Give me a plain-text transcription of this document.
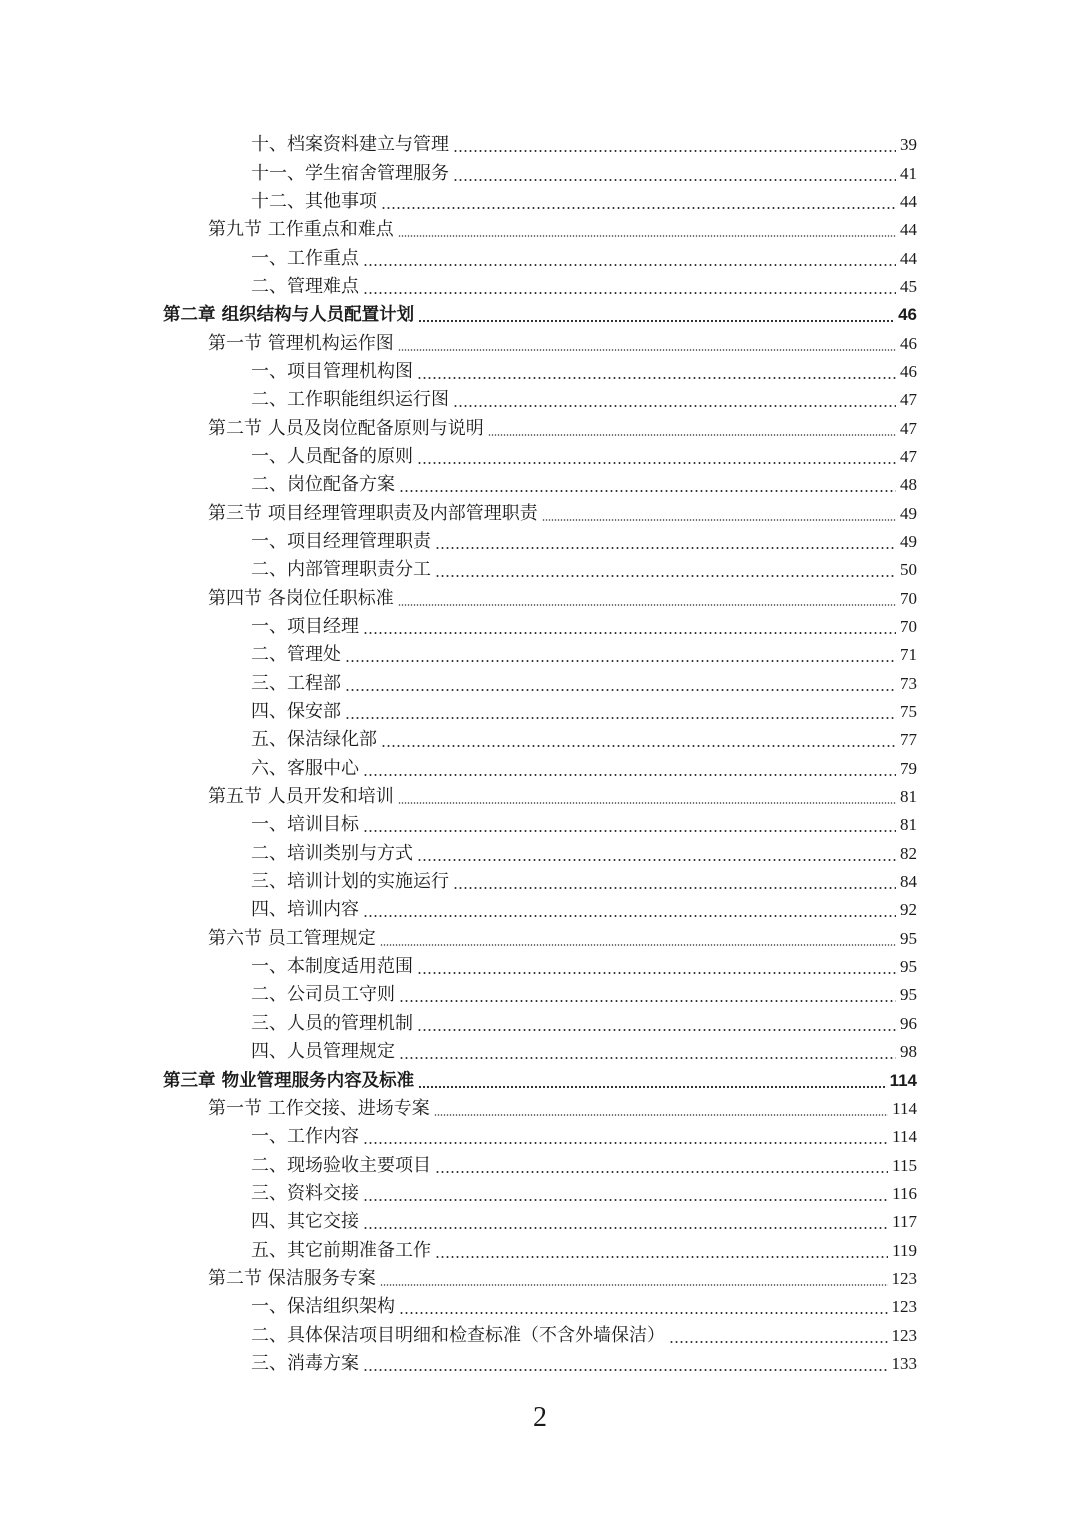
十、档案资料建立与管理	39
十一、学生宿舍管理服务	41
十二、其他事项	44
第九节 工作重点和难点	44
一、工作重点	44
二、管理难点	45
第二章 组织结构与人员配置计划	46
第一节 管理机构运作图	46
一、项目管理机构图	46
二、工作职能组织运行图	47
第二节 人员及岗位配备原则与说明	47
一、人员配备的原则	47
二、岗位配备方案	48
第三节 项目经理管理职责及内部管理职责	49
一、项目经理管理职责	49
二、内部管理职责分工	50
第四节 各岗位任职标准	70
一、项目经理	70
二、管理处	71
三、工程部	73
四、保安部	75
五、保洁绿化部	77
六、客服中心	79
第五节 人员开发和培训	81
一、培训目标	81
二、培训类别与方式	82
三、培训计划的实施运行	84
四、培训内容	92
第六节 员工管理规定	95
一、本制度适用范围	95
二、公司员工守则	95
三、人员的管理机制	96
四、人员管理规定	98
第三章 物业管理服务内容及标准	114
第一节 工作交接、进场专案	114
一、工作内容	114
二、现场验收主要项目	115
三、资料交接	116
四、其它交接	117
五、其它前期准备工作	119
第二节 保洁服务专案	123
一、保洁组织架构	123
二、具体保洁项目明细和检查标准（不含外墙保洁）	123
三、消毒方案	133
2
